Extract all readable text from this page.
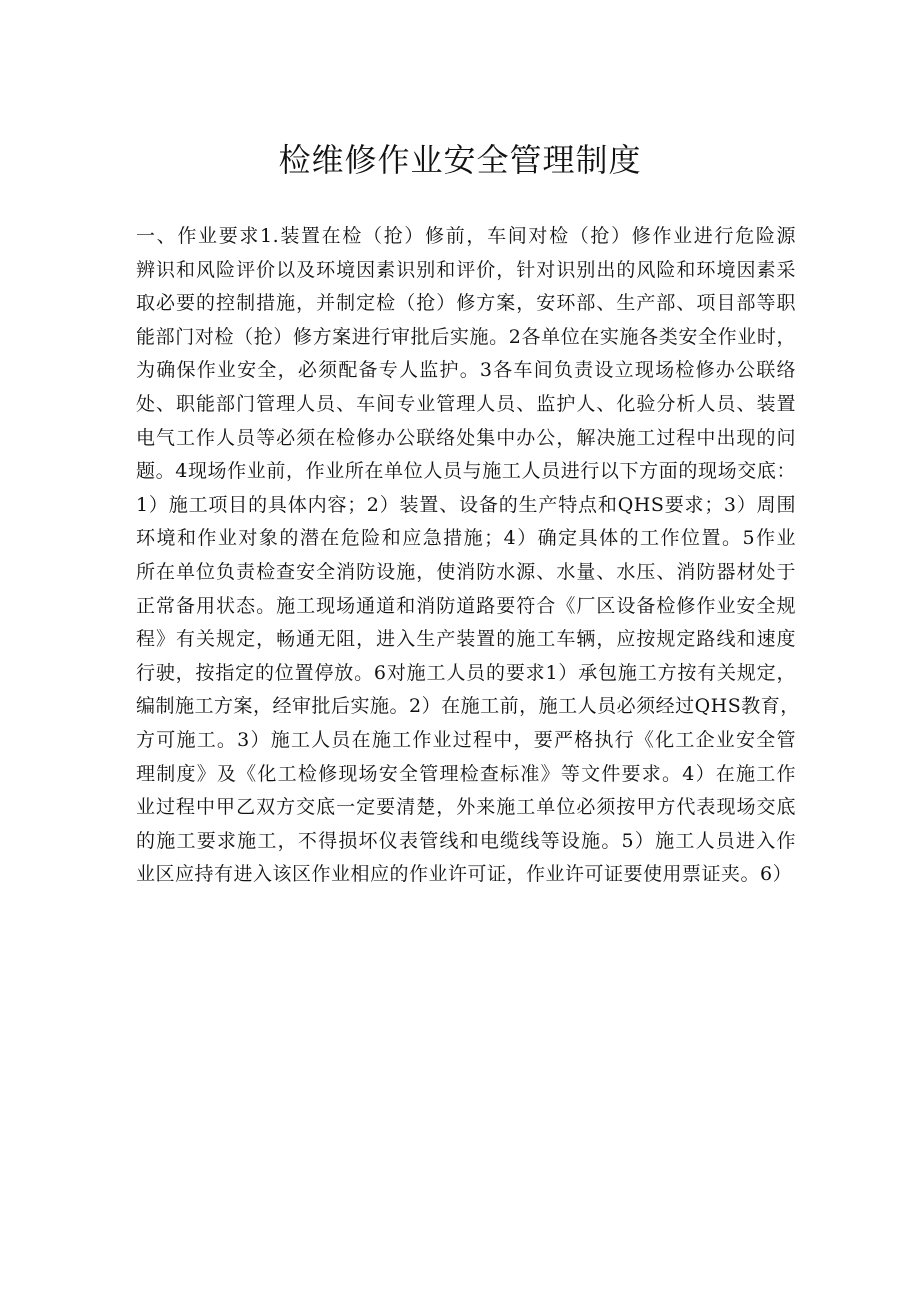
检维修作业安全管理制度
一、作业要求1.装置在检（抢）修前，车间对检（抢）修作业进行危险源
辨识和风险评价以及环境因素识别和评价，针对识别出的风险和环境因素采
取必要的控制措施，并制定检（抢）修方案，安环部、生产部、项目部等职
能部门对检（抢）修方案进行审批后实施。2各单位在实施各类安全作业时，
为确保作业安全，必须配备专人监护。3各车间负责设立现场检修办公联络
处、职能部门管理人员、车间专业管理人员、监护人、化验分析人员、装置
电气工作人员等必须在检修办公联络处集中办公，解决施工过程中出现的问
题。4现场作业前，作业所在单位人员与施工人员进行以下方面的现场交底：
1）施工项目的具体内容；2）装置、设备的生产特点和QHS要求；3）周围
环境和作业对象的潜在危险和应急措施；4）确定具体的工作位置。5作业
所在单位负责检查安全消防设施，使消防水源、水量、水压、消防器材处于
正常备用状态。施工现场通道和消防道路要符合《厂区设备检修作业安全规
程》有关规定，畅通无阻，进入生产装置的施工车辆，应按规定路线和速度
行驶，按指定的位置停放。6对施工人员的要求1）承包施工方按有关规定，
编制施工方案，经审批后实施。2）在施工前，施工人员必须经过QHS教育，
方可施工。3）施工人员在施工作业过程中，要严格执行《化工企业安全管
理制度》及《化工检修现场安全管理检查标准》等文件要求。4）在施工作
业过程中甲乙双方交底一定要清楚，外来施工单位必须按甲方代表现场交底
的施工要求施工，不得损坏仪表管线和电缆线等设施。5）施工人员进入作
业区应持有进入该区作业相应的作业许可证，作业许可证要使用票证夹。6）
